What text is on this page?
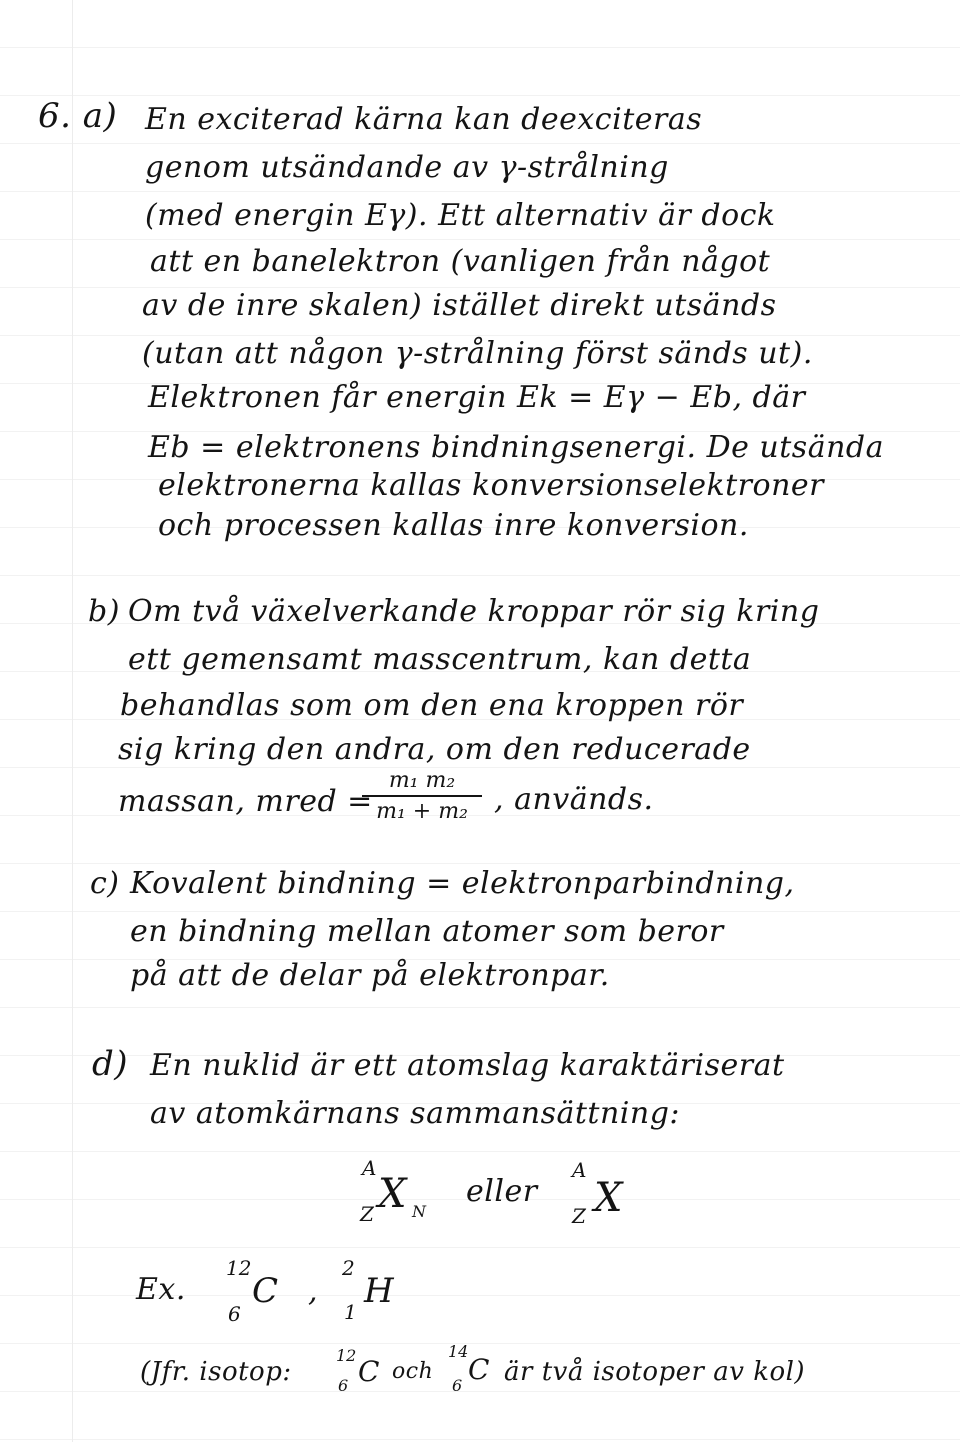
6. a) En exciterad kärna kan deexciteras
genom utsändande av γ-strålning
(med energin Eγ). Ett alternativ är dock
att en banelektron (vanligen från något
av de inre skalen) istället direkt utsänds
(utan att någon γ-strålning först sänds ut).
Elektronen får energin Ek = Eγ − Eb, där
Eb = elektronens bindningsenergi. De utsända
elektronerna kallas konversionselektroner
och processen kallas inre konversion.
b) Om två växelverkande kroppar rör sig kring
ett gemensamt masscentrum, kan detta
behandlas som om den ena kroppen rör
sig kring den andra, om den reducerade
massan, mred =
$\frac{\text{m₁ m₂}}{\text{m₁ + m₂}}$ , används.
c) Kovalent bindning = elektronparbindning,
en bindning mellan atomer som beror
på att de delar på elektronpar.
d) En nuklid är ett atomslag karaktäriserat
av atomkärnans sammansättning:
A
X
Z N
eller
A
X
Z
Ex.
12
C
6
,
2
H
1
(Jfr. isotop:
12 C
6
och
14
C
6 är två isotoper av kol)
